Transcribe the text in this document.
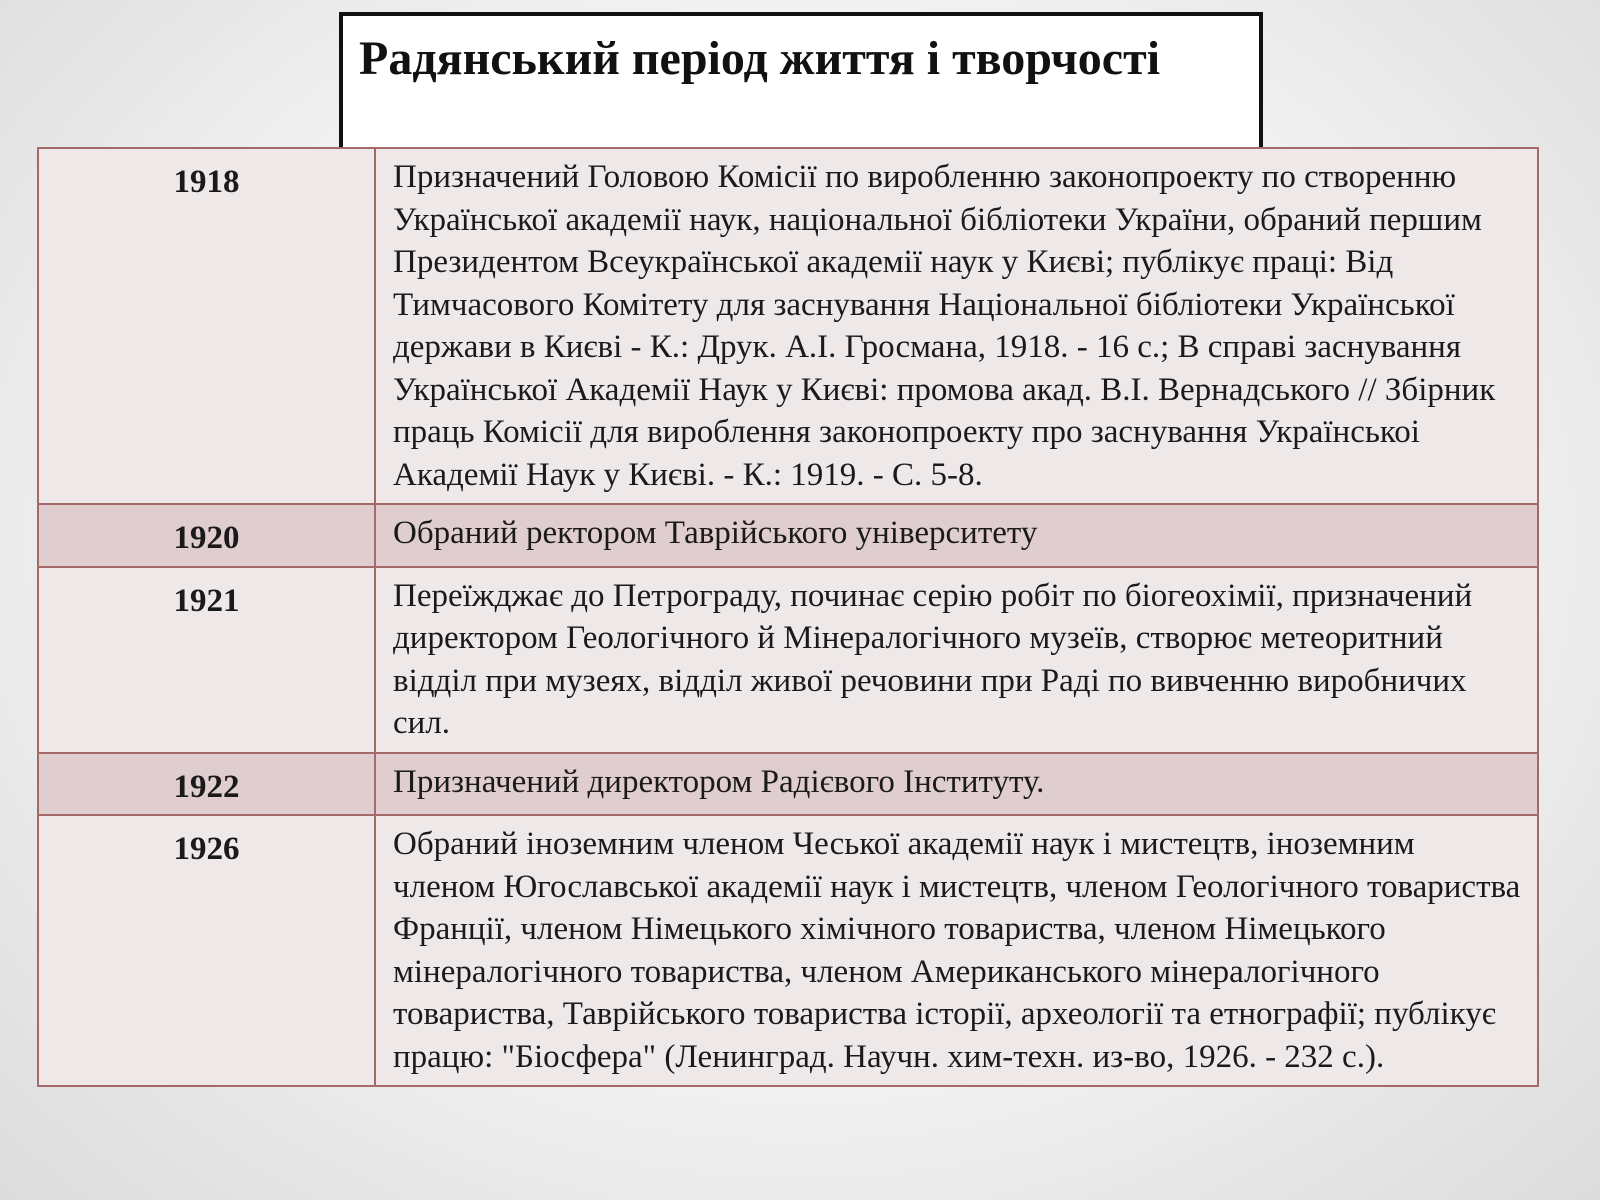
Радянський період життя і творчості
1918	Призначений Головою Комісії по виробленню законопроекту по створенню Української академії наук, національної бібліотеки України, обраний першим Президентом Всеукраїнської академії наук у Києві; публікує праці: Від Тимчасового Комітету для заснування Національної бібліотеки Української держави в Києві - К.: Друк. А.І. Гросмана, 1918. - 16 с.; В справі заснування Української Академії Наук у Києві: промова акад. В.І. Вернадського // Збірник праць Комісії для вироблення законопроекту про заснування Українськоі Академії Наук у Києві. - К.: 1919. - С. 5-8.
1920	Обраний ректором Таврійського університету
1921	Переїжджає до Петрограду, починає серію робіт по біогеохімії, призначений директором Геологічного й Мінералогічного музеїв, створює метеоритний відділ при музеях, відділ живої речовини при Раді по вивченню виробничих сил.
1922	Призначений директором Радієвого Інституту.
1926	Обраний іноземним членом Чеської академії наук і мистецтв, іноземним членом Югославської академії наук і мистецтв, членом Геологічного товариства Франції, членом Німецького хімічного товариства, членом Німецького мінералогічного товариства, членом Американського мінералогічного товариства, Таврійського товариства історії, археології та етнографії; публікує працю: "Біосфера" (Ленинград. Научн. хим-техн. из-во, 1926. - 232 с.).
